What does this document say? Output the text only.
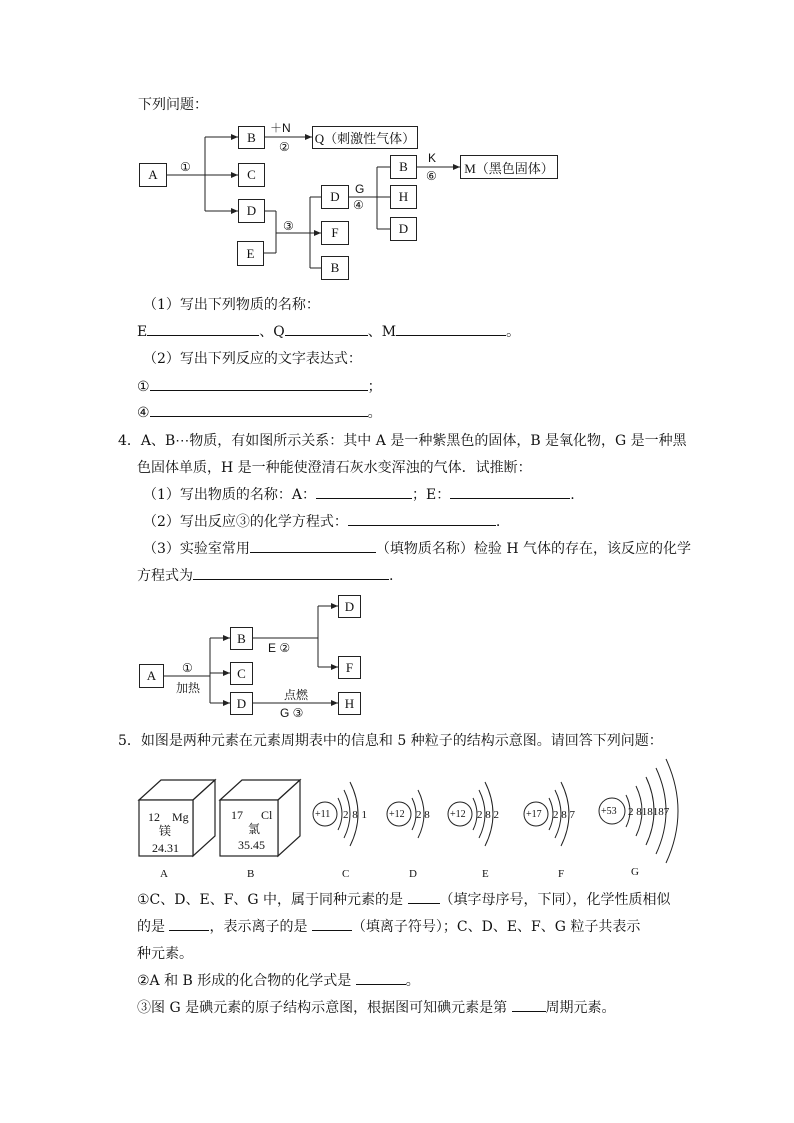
下列问题：
A
B
C
D
E
Q（刺激性气体）
D
F
B
B
H
D
M（黑色固体）
①
＋N
②
③
G
④
K
⑥
（1）写出下列物质的名称：
E	、Q	、M	。
（2）写出下列反应的文字表达式：
①	；
④	。
4．A、B⋯物质，有如图所示关系：其中 A 是一种紫黑色的固体，B 是氧化物，G 是一种黑
色固体单质，H 是一种能使澄清石灰水变浑浊的气体．试推断：
（1）写出物质的名称：A：	；E：	.
（2）写出反应③的化学方程式：	.
（3）实验室常用	（填物质名称）检验 H 气体的存在，该反应的化学
方程式为	.
A
B
C
D
D
F
H
①
加热
E ②
点燃
G ③
5．如图是两种元素在元素周期表中的信息和 5 种粒子的结构示意图。请回答下列问题：
12 Mg
镁
24.31
A
17 Cl
氯
35.45
B
+11 2 8 1
C
+12 2 8
D
+12 2 8 2
E
+17 2 8 7
F
+53 2 818187
G
①C、D、E、F、G 中，属于同种元素的是	（填字母序号，下同），化学性质相似
的是	，表示离子的是	（填离子符号）；C、D、E、F、G 粒子共表示
种元素。
②A 和 B 形成的化合物的化学式是	。
③图 G 是碘元素的原子结构示意图，根据图可知碘元素是第	周期元素。
